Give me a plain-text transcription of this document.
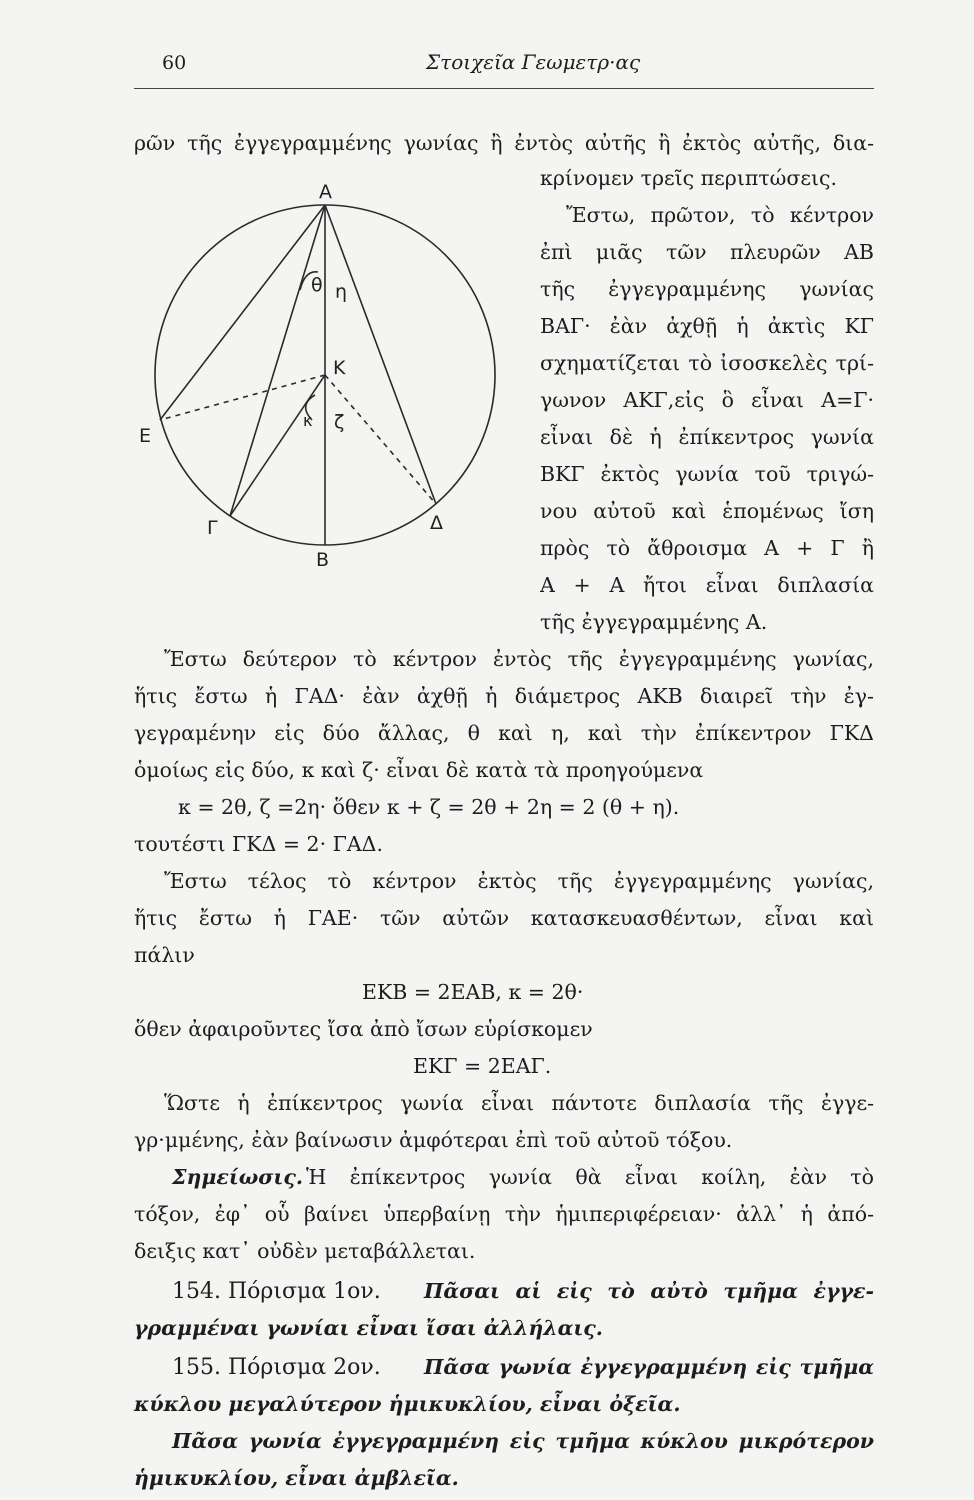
60	Στοιχεῖα Γεωμετρ·ας
Α
Β
Γ	Δ
Ε
Κ
θ η
κ ζ
ρῶν τῆς ἐγγεγραμμένης γωνίας ἢ ἐντὸς αὐτῆς ἢ ἐκτὸς αὐτῆς, δια-
κρίνομεν τρεῖς περιπτώσεις.
Ἔστω, πρῶτον, τὸ κέντρον
ἐπὶ μιᾶς τῶν πλευρῶν ΑΒ
τῆς ἐγγεγραμμένης γωνίας
ΒΑΓ· ἐὰν ἀχθῇ ἡ ἀκτὶς ΚΓ
σχηματίζεται τὸ ἰσοσκελὲς τρί-
γωνον ΑΚΓ,εἰς ὃ εἶναι Α=Γ·
εἶναι δὲ ἡ ἐπίκεντρος γωνία
ΒΚΓ ἐκτὸς γωνία τοῦ τριγώ-
νου αὐτοῦ καὶ ἑπομένως ἴση
πρὸς τὸ ἄθροισμα Α + Γ ἢ
Α + Α ἤτοι εἶναι διπλασία
τῆς ἐγγεγραμμένης Α.
Ἔστω δεύτερον τὸ κέντρον ἐντὸς τῆς ἐγγεγραμμένης γωνίας,
ἥτις ἔστω ἡ ΓΑΔ· ἐὰν ἀχθῇ ἡ διάμετρος ΑΚΒ διαιρεῖ τὴν ἐγ-
γεγραμένην εἰς δύο ἄλλας, θ καὶ η, καὶ τὴν ἐπίκεντρον ΓΚΔ
ὁμοίως εἰς δύο, κ καὶ ζ· εἶναι δὲ κατὰ τὰ προηγούμενα
κ = 2θ, ζ =2η· ὅθεν κ + ζ = 2θ + 2η = 2 (θ + η).
τουτέστι ΓΚΔ = 2· ΓΑΔ.
Ἔστω τέλος τὸ κέντρον ἐκτὸς τῆς ἐγγεγραμμένης γωνίας,
ἥτις ἔστω ἡ ΓΑΕ· τῶν αὐτῶν κατασκευασθέντων, εἶναι καὶ
πάλιν
ΕΚΒ = 2ΕΑΒ, κ = 2θ·
ὅθεν ἀφαιροῦντες ἴσα ἀπὸ ἴσων εὑρίσκομεν
ΕΚΓ = 2ΕΑΓ.
Ὥστε ἡ ἐπίκεντρος γωνία εἶναι πάντοτε διπλασία τῆς ἐγγε-
γρ·μμένης, ἐὰν βαίνωσιν ἀμφότεραι ἐπὶ τοῦ αὐτοῦ τόξου.
Σημείωσις. Ἡ ἐπίκεντρος γωνία θὰ εἶναι κοίλη, ἐὰν τὸ
τόξον, ἐφ᾽ οὗ βαίνει ὑπερβαίνῃ τὴν ἡμιπεριφέρειαν· ἀλλ᾽ ἡ ἀπό-
δειξις κατ᾽ οὐδὲν μεταβάλλεται.
154. Πόρισμα 1ον. Πᾶσαι αἱ εἰς τὸ αὐτὸ τμῆμα ἐγγε-
γραμμέναι γωνίαι εἶναι ἴσαι ἀλλήλαις.
155. Πόρισμα 2ον. Πᾶσα γωνία ἐγγεγραμμένη εἰς τμῆμα
κύκλου μεγαλύτερον ἡμικυκλίου, εἶναι ὀξεῖα.
Πᾶσα γωνία ἐγγεγραμμένη εἰς τμῆμα κύκλου μικρότερον
ἡμικυκλίου, εἶναι ἀμβλεῖα.
